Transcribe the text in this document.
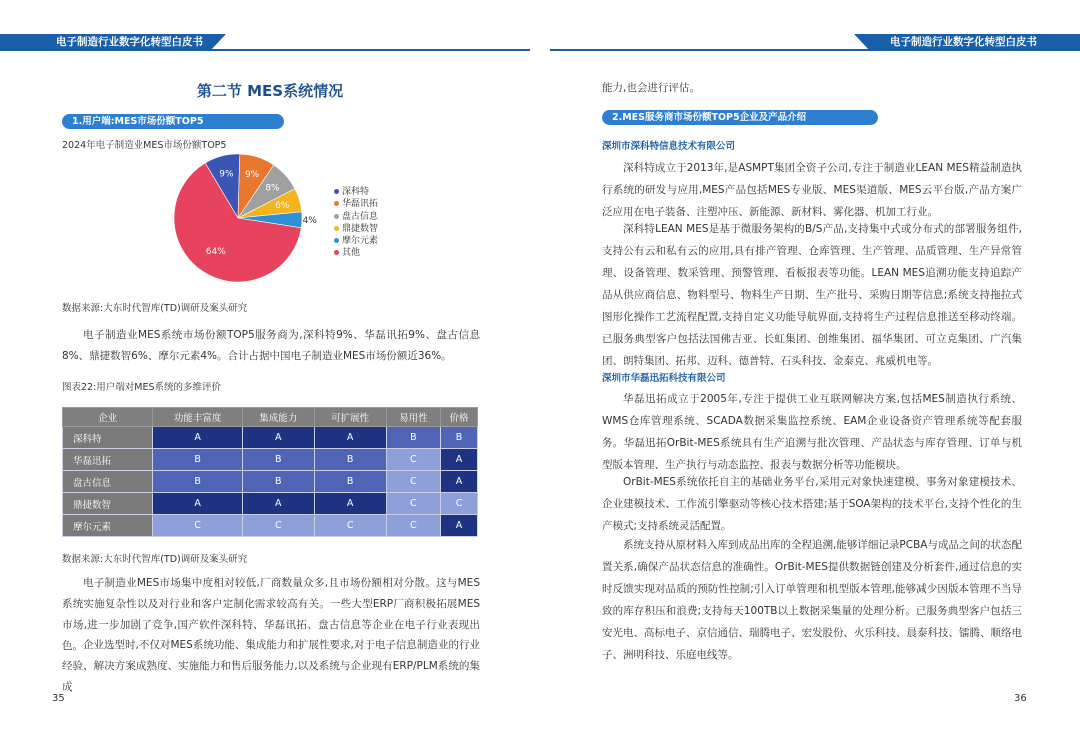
电子制造行业数字化转型白皮书
第二节 MES系统情况
1.用户端:MES市场份额TOP5
2024年电子制造业MES市场份额TOP5
9% 9%
8%
6%
4%
64%
深科特
华磊讯拓
盘古信息
鼎捷数智
摩尔元素
其他
数据来源:大东时代智库(TD)调研及案头研究
电子制造业MES系统市场份额TOP5服务商为,深科特9%、华磊讯拓9%、盘古信息8%、鼎捷数智6%、摩尔元素4%。合计占据中国电子制造业MES市场份额近36%。
图表22:用户端对MES系统的多维评价
企业	功能丰富度	集成能力	可扩展性	易用性	价格
深科特	A	A	A	B	B
华磊迅拓	B	B	B	C	A
盘古信息	B	B	B	C	A
鼎捷数智	A	A	A	C	C
摩尔元素	C	C	C	C	A
数据来源:大东时代智库(TD)调研及案头研究
电子制造业MES市场集中度相对较低,厂商数量众多,且市场份额相对分散。这与MES系统实施复杂性以及对行业和客户定制化需求较高有关。一些大型ERP厂商积极拓展MES市场,进一步加剧了竞争,国产软件深科特、华磊讯拓、盘古信息等企业在电子行业表现出色。 企业选型时,不仅对MES系统功能、集成能力和扩展性要求,对于电子信息制造业的行业经验、解决方案成熟度、实施能力和售后服务能力,以及系统与企业现有ERP/PLM系统的集成
35
电子制造行业数字化转型白皮书
能力,也会进行评估。
2.MES服务商市场份额TOP5企业及产品介绍
深圳市深科特信息技术有限公司
深科特成立于2013年,是ASMPT集团全资子公司,专注于制造业LEAN MES精益制造执行系统的研发与应用,MES产品包括MES专业版、MES渠道版、MES云平台版,产品方案广泛应用在电子装备、注塑冲压、新能源、新材料、雾化器、机加工行业。
深科特LEAN MES是基于微服务架构的B/S产品,支持集中式或分布式的部署服务组件,支持公有云和私有云的应用,具有排产管理、仓库管理、生产管理、品质管理、生产异常管理、设备管理、数采管理、预警管理、看板报表等功能。LEAN MES追溯功能支持追踪产品从供应商信息、物料型号、物料生产日期、生产批号、采购日期等信息;系统支持拖拉式图形化操作工艺流程配置,支持自定义功能导航界面,支持将生产过程信息推送至移动终端。已服务典型客户包括法国佛吉亚、长虹集团、创维集团、福华集团、可立克集团、广汽集团、朗特集团、拓邦、迈科、德普特、石头科技、金泰克、兆威机电等。
深圳市华磊迅拓科技有限公司
华磊迅拓成立于2005年,专注于提供工业互联网解决方案,包括MES制造执行系统、WMS仓库管理系统、SCADA数据采集监控系统、EAM企业设备资产管理系统等配套服务。华磊迅拓OrBit-MES系统具有生产追溯与批次管理、产品状态与库存管理、订单与机型版本管理、生产执行与动态监控、报表与数据分析等功能模块。
OrBit-MES系统依托自主的基础业务平台,采用元对象快速建模、事务对象建模技术、企业建模技术、工作流引擎驱动等核心技术搭建;基于SOA架构的技术平台,支持个性化的生产模式;支持系统灵活配置。
系统支持从原材料入库到成品出库的全程追溯,能够详细记录PCBA与成品之间的状态配置关系,确保产品状态信息的准确性。OrBit-MES提供数据链创建及分析套件,通过信息的实时反馈实现对品质的预防性控制;引入订单管理和机型版本管理,能够减少因版本管理不当导致的库存积压和浪费;支持每天100TB以上数据采集量的处理分析。已服务典型客户包括三安光电、高标电子、京信通信、瑞腾电子、宏发股份、火乐科技、晨泰科技、镭腾、顺络电子、洲明科技、乐庭电线等。
36
